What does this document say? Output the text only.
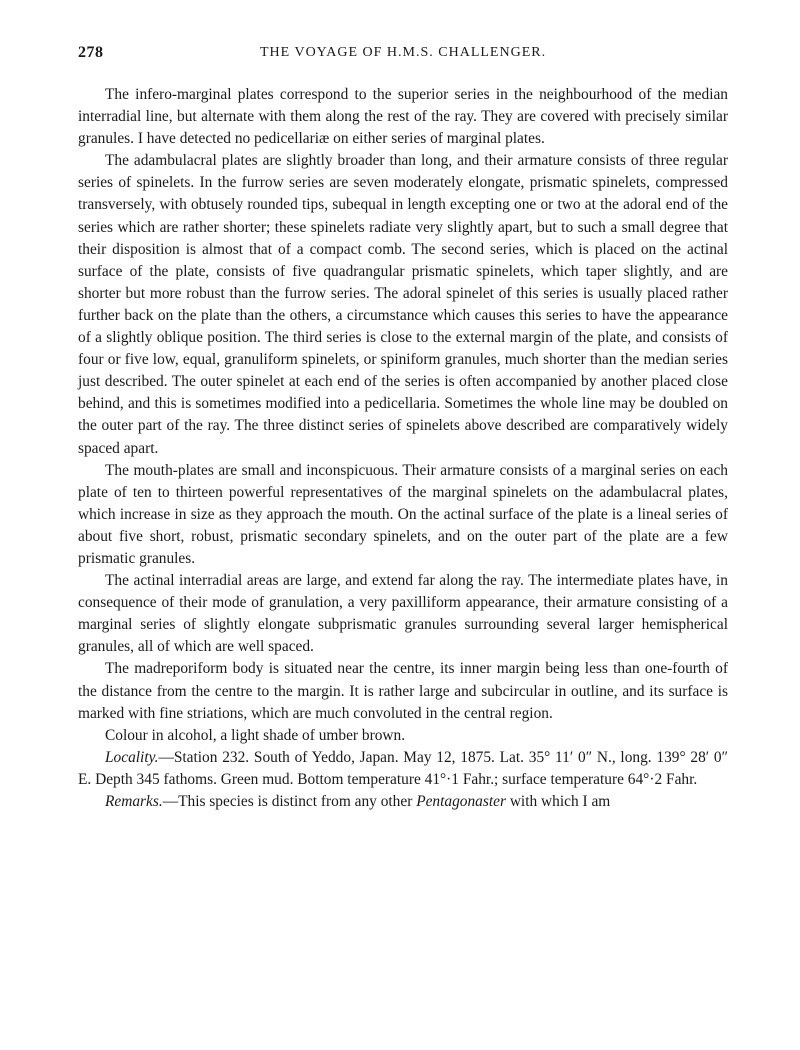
278	THE VOYAGE OF H.M.S. CHALLENGER.

The infero-marginal plates correspond to the superior series in the neighbourhood of the median interradial line, but alternate with them along the rest of the ray. They are covered with precisely similar granules. I have detected no pedicellariæ on either series of marginal plates.

The adambulacral plates are slightly broader than long, and their armature consists of three regular series of spinelets. In the furrow series are seven moderately elongate, prismatic spinelets, compressed transversely, with obtusely rounded tips, subequal in length excepting one or two at the adoral end of the series which are rather shorter; these spinelets radiate very slightly apart, but to such a small degree that their disposition is almost that of a compact comb. The second series, which is placed on the actinal surface of the plate, consists of five quadrangular prismatic spinelets, which taper slightly, and are shorter but more robust than the furrow series. The adoral spinelet of this series is usually placed rather further back on the plate than the others, a circumstance which causes this series to have the appearance of a slightly oblique position. The third series is close to the external margin of the plate, and consists of four or five low, equal, granuliform spinelets, or spiniform granules, much shorter than the median series just described. The outer spinelet at each end of the series is often accompanied by another placed close behind, and this is sometimes modified into a pedicellaria. Sometimes the whole line may be doubled on the outer part of the ray. The three distinct series of spinelets above described are comparatively widely spaced apart.

The mouth-plates are small and inconspicuous. Their armature consists of a marginal series on each plate of ten to thirteen powerful representatives of the marginal spinelets on the adambulacral plates, which increase in size as they approach the mouth. On the actinal surface of the plate is a lineal series of about five short, robust, prismatic secondary spinelets, and on the outer part of the plate are a few prismatic granules.

The actinal interradial areas are large, and extend far along the ray. The intermediate plates have, in consequence of their mode of granulation, a very paxilliform appearance, their armature consisting of a marginal series of slightly elongate subprismatic granules surrounding several larger hemispherical granules, all of which are well spaced.

The madreporiform body is situated near the centre, its inner margin being less than one-fourth of the distance from the centre to the margin. It is rather large and subcircular in outline, and its surface is marked with fine striations, which are much convoluted in the central region.

Colour in alcohol, a light shade of umber brown.

Locality.—Station 232. South of Yeddo, Japan. May 12, 1875. Lat. 35° 11′ 0″ N., long. 139° 28′ 0″ E. Depth 345 fathoms. Green mud. Bottom temperature 41°·1 Fahr.; surface temperature 64°·2 Fahr.

Remarks.—This species is distinct from any other Pentagonaster with which I am
